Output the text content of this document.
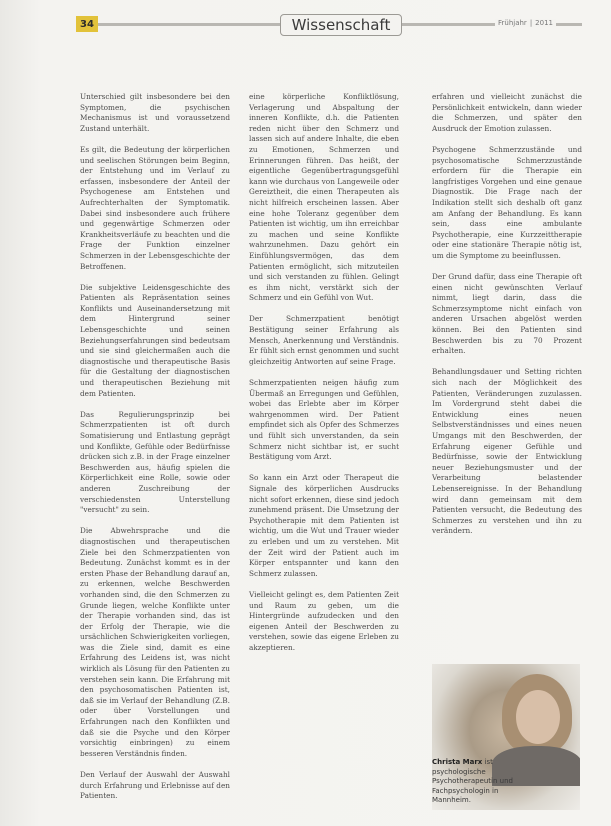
34	Wissenschaft	Frühjahr | 2011

Unterschied gilt insbesondere bei den Symptomen, die psychischen Mechanismus ist und voraussetzend Zustand unterhält.

Es gilt, die Bedeutung der körperlichen und seelischen Störungen beim Beginn, der Entstehung und im Verlauf zu erfassen, insbesondere der Anteil der Psychogenese am Entstehen und Aufrechterhalten der Symptomatik. Dabei sind insbesondere auch frühere und gegenwärtige Schmerzen oder Krankheitsverläufe zu beachten und die Frage der Funktion einzelner Schmerzen in der Lebensgeschichte der Betroffenen.

Die subjektive Leidensgeschichte des Patienten als Repräsentation seines Konflikts und Auseinandersetzung mit dem Hintergrund seiner Lebensgeschichte und seinen Beziehungserfahrungen sind bedeutsam und sie sind gleichermaßen auch die diagnostische und therapeutische Basis für die Gestaltung der diagnostischen und therapeutischen Beziehung mit dem Patienten.

Das Regulierungsprinzip bei Schmerzpatienten ist oft durch Somatisierung und Entlastung geprägt und Konflikte, Gefühle oder Bedürfnisse drücken sich z.B. in der Frage einzelner Beschwerden aus, häufig spielen die Körperlichkeit eine Rolle, sowie oder anderen Zuschreibung der verschiedensten Unterstellung "versucht" zu sein.

Die Abwehrsprache und die diagnostischen und therapeutischen Ziele bei den Schmerzpatienten von Bedeutung. Zunächst kommt es in der ersten Phase der Behandlung darauf an, zu erkennen, welche Beschwerden vorhanden sind, die den Schmerzen zu Grunde liegen, welche Konflikte unter der Therapie vorhanden sind, das ist der Erfolg der Therapie, wie die ursächlichen Schwierigkeiten vorliegen, was die Ziele sind, damit es eine Erfahrung des Leidens ist, was nicht wirklich als Lösung für den Patienten zu verstehen sein kann. Die Erfahrung mit den psychosomatischen Patienten ist, daß sie im Verlauf der Behandlung (Z.B. oder über Vorstellungen und Erfahrungen nach den Konflikten und daß sie die Psyche und den Körper vorsichtig einbringen) zu einem besseren Verständnis finden.

Den Verlauf der Auswahl der Auswahl durch Erfahrung und Erlebnisse auf den Patienten.

eine körperliche Konfliktlösung, Verlagerung und Abspaltung der inneren Konflikte, d.h. die Patienten reden nicht über den Schmerz und lassen sich auf andere Inhalte, die eben zu Emotionen, Schmerzen und Erinnerungen führen. Das heißt, der eigentliche Gegenübertragungsgefühl kann wie durchaus von Langeweile oder Gereiztheit, die einen Therapeuten als nicht hilfreich erscheinen lassen. Aber eine hohe Toleranz gegenüber dem Patienten ist wichtig, um ihn erreichbar zu machen und seine Konflikte wahrzunehmen. Dazu gehört ein Einfühlungsvermögen, das dem Patienten ermöglicht, sich mitzuteilen und sich verstanden zu fühlen. Gelingt es ihm nicht, verstärkt sich der Schmerz und ein Gefühl von Wut.

Der Schmerzpatient benötigt Bestätigung seiner Erfahrung als Mensch, Anerkennung und Verständnis. Er fühlt sich ernst genommen und sucht gleichzeitig Antworten auf seine Frage.

Schmerzpatienten neigen häufig zum Übermaß an Erregungen und Gefühlen, wobei das Erlebte aber im Körper wahrgenommen wird. Der Patient empfindet sich als Opfer des Schmerzes und fühlt sich unverstanden, da sein Schmerz nicht sichtbar ist, er sucht Bestätigung vom Arzt.

So kann ein Arzt oder Therapeut die Signale des körperlichen Ausdrucks nicht sofort erkennen, diese sind jedoch zunehmend präsent. Die Umsetzung der Psychotherapie mit dem Patienten ist wichtig, um die Wut und Trauer wieder zu erleben und um zu verstehen. Mit der Zeit wird der Patient auch im Körper entspannter und kann den Schmerz zulassen.

Vielleicht gelingt es, dem Patienten Zeit und Raum zu geben, um die Hintergründe aufzudecken und den eigenen Anteil der Beschwerden zu verstehen, sowie das eigene Erleben zu akzeptieren.

erfahren und vielleicht zunächst die Persönlichkeit entwickeln, dann wieder die Schmerzen, und später den Ausdruck der Emotion zulassen.

Psychogene Schmerzzustände und psychosomatische Schmerzzustände erfordern für die Therapie ein langfristiges Vorgehen und eine genaue Diagnostik. Die Frage nach der Indikation stellt sich deshalb oft ganz am Anfang der Behandlung. Es kann sein, dass eine ambulante Psychotherapie, eine Kurzzeittherapie oder eine stationäre Therapie nötig ist, um die Symptome zu beeinflussen.

Der Grund dafür, dass eine Therapie oft einen nicht gewünschten Verlauf nimmt, liegt darin, dass die Schmerzsymptome nicht einfach von anderen Ursachen abgelöst werden können. Bei den Patienten sind Beschwerden bis zu 70 Prozent erhalten.

Behandlungsdauer und Setting richten sich nach der Möglichkeit des Patienten, Veränderungen zuzulassen. Im Vordergrund steht dabei die Entwicklung eines neuen Selbstverständnisses und eines neuen Umgangs mit den Beschwerden, der Erfahrung eigener Gefühle und Bedürfnisse, sowie der Entwicklung neuer Beziehungsmuster und der Verarbeitung belastender Lebensereignisse. In der Behandlung wird dann gemeinsam mit dem Patienten versucht, die Bedeutung des Schmerzes zu verstehen und ihn zu verändern.

Christa Marx ist psychologische Psychotherapeutin und Fachpsychologin in Mannheim.
